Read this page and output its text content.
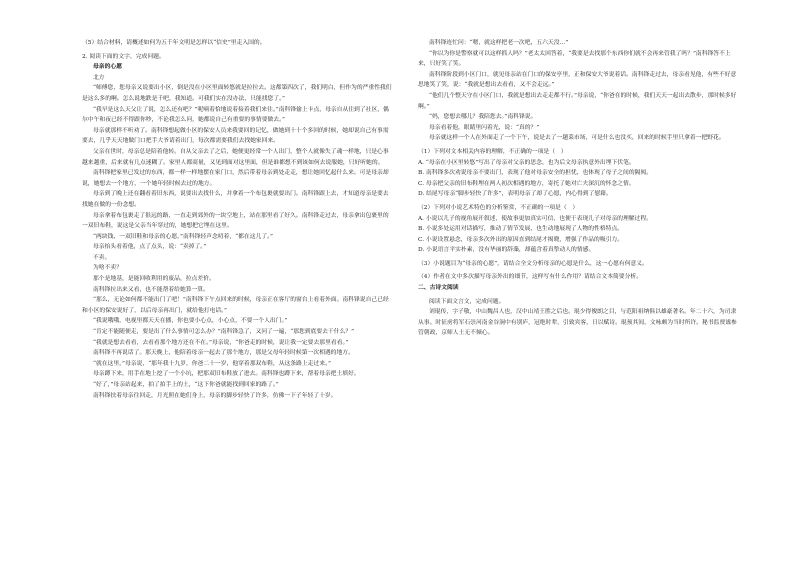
（5）结合材料，请概述如何为五千年文明是怎样以“信史”里走入国的。

2. 阅读下面的文字，完成问题。

母亲的心愿

北方

“师傅您，您母亲又说要出小区，倒是没在小区里面转悠就是拉拉去。这都第四次了，我们明白，但作为的严重性我们是这么多的啊。怎么说地跌是千吧，我知道。可我们实在没办法，只能找您了。”

“我早是这么天父让了说，怎么还有吧？”呢喃着恰地说着接着我们来住。”南科锋偷上卡点，母亲自从住到了社区，偶尔中午和夜已经不得跟你吵，不论我怎么问，她都说自己有重要的事情要做去。”

母亲就那样不听劝了。南科锋想起做小区的保安人员来我要回的记忆，做她到十十个多回的时候，她却说自己有事需要去，几乎天天地做门口把手大爷请着出门，每次都需要我们去找她家回来。

父亲在世时，母亲总是陪着他转。自从父亲去了之后，她便更经常一个人出门，整个人就像失了魂一样地，只是心事越来越重，后来就有几点迷糊了。家里人都商量，又见到面对这里面，但是谁都想不到该如何去说服她，只好听她的。

南科锋把家里已发过的东西，都一样一样地摆在家门口，然后带着母亲到处走走，想让她回忆起什么来。可是母亲却说，她想去一个地方，一个她年轻时候去过的地方。

母亲到了晚上还在翻看着旧东西，说要出去找什么，并拿着一个布包裹就要出门。南科锋跟上去，才知道母亲是要去找她在做的一份念想。

母亲拿着布包裹走了很远的路，一直走到郊外的一块空地上，站在那里看了好久。南科锋走过去，母亲拿出包裹里的一双旧布鞋，说这是父亲当年穿过的，她想把它埋在这里。

“两块钱、一双旧鞋和母亲的心愿，”南科锋轻声念叨着，“都在这儿了。”

母亲抬头看着他，点了点头，说：“卖掉了。”

不卖。

为啥不卖？

那个是地基，是能回收利用的废品，拉点差价。

南科锋拉出来又看，也不能帮着给她算一算。

“那么，无论如何都不能出门了吧！”南科锋下午点回来的时候，母亲正在客厅的窗台上看着外面。南科锋说自己已经和小区的保安说好了，以后母亲再出门，就给他打电话。”

“我说哦哦，电视里都天天在播，你也要小心点，小心点，不要一个人出门。”

“肯定不能随便走，要是出了什么事情可怎么办？”南科锋急了，又问了一遍，“那您到底要去干什么？”

“我就是想去看看，去看看那个地方还在不在。”母亲说，“你爸走的时候，说让我一定要去那里看看。”

南科锋不再说话了。那天晚上，他陪着母亲一起去了那个地方，那是父母年轻时候第一次相遇的地方。

“就在这里，”母亲说，“那年我十九岁，你爸二十一岁，他穿着那双布鞋，从这条路上走过来。”

母亲蹲下来，用手在地上挖了一个小坑，把那双旧布鞋放了进去。南科锋也蹲下来，帮着母亲把土填好。

“好了，”母亲站起来，拍了拍手上的土，“这下你爸就能找到回家的路了。”

南科锋扶着母亲往回走，月光照在她们身上，母亲的脚步轻快了许多，仿佛一下子年轻了十岁。

南科锋连忙问：“嗯，就这样把老一次吧，五六天没…”

“你以为你是警察就可以这样抓人吗？”老太太回答着，“我要是去找那个东西你们就不会再来管我了吗？”南科锋答不上来，只好笑了笑。

南科锋阶段到小区门口，就见母亲站在门口的保安亭里，正和保安大爷说着话。南科锋走过去，母亲看见他，有些不好意思地笑了笑，说：“我就是想出去看看，又不会走远。”

“他们几个整天守在小区门口，我就是想出去走走都不行。”母亲说，“你爸在的时候，我们天天一起出去散步，那时候多好啊。”

“妈，您想去哪儿？我陪您去。”南科锋说。

母亲看着他，眼睛里闪着光，说：“真的？”

母亲就这样一个人在外面走了一个下午，说是去了一趟菜市场，可是什么也没买，回来的时候手里只拿着一把野花。

（1）下列对文本相关内容的理解，不正确的一项是（　）

A. “母亲在小区里转悠”写出了母亲对父亲的思念，也为后文母亲执意外出埋下伏笔。

B. 南科锋多次劝说母亲不要出门，表现了他对母亲安全的担忧，也体现了母子之间的隔阂。

C. 母亲把父亲的旧布鞋埋在两人初次相遇的地方，寄托了她对亡夫深沉的怀念之情。

D. 结尾写母亲“脚步轻快了许多”，表明母亲了却了心愿，内心得到了慰藉。

（2）下列对小说艺术特色的分析鉴赏，不正确的一项是（　）

A. 小说以儿子的视角展开叙述，使故事更加真实可信，也便于表现儿子对母亲的理解过程。

B. 小说多处运用对话描写，推动了情节发展，也生动地展现了人物的性格特点。

C. 小说设置悬念，母亲多次外出的原因直到结尾才揭晓，增强了作品的吸引力。

D. 小说语言平实朴素，没有华丽的辞藻，却蕴含着真挚动人的情感。

（3）小说题目为“母亲的心愿”，请结合全文分析母亲的心愿是什么，这一心愿有何意义。

（4）作者在文中多次描写母亲外出的细节，这样写有什么作用？请结合文本简要分析。

二、古诗文阅读

阅读下面文言文，完成问题。

刘琨传，字子敬，中山魏昌人也，汉中山靖王胜之后也。琨少得俊朗之目，与范阳祖纳俱以雄豪著名。年二十六，为司隶从事。时征虏将军石崇河南金谷涧中有别庐，冠绝时辈，引致宾客，日以赋诗。琨预其间，文咏颇为当时所许。秘书监贾谧参管朝政，京师人士无不倾心。
